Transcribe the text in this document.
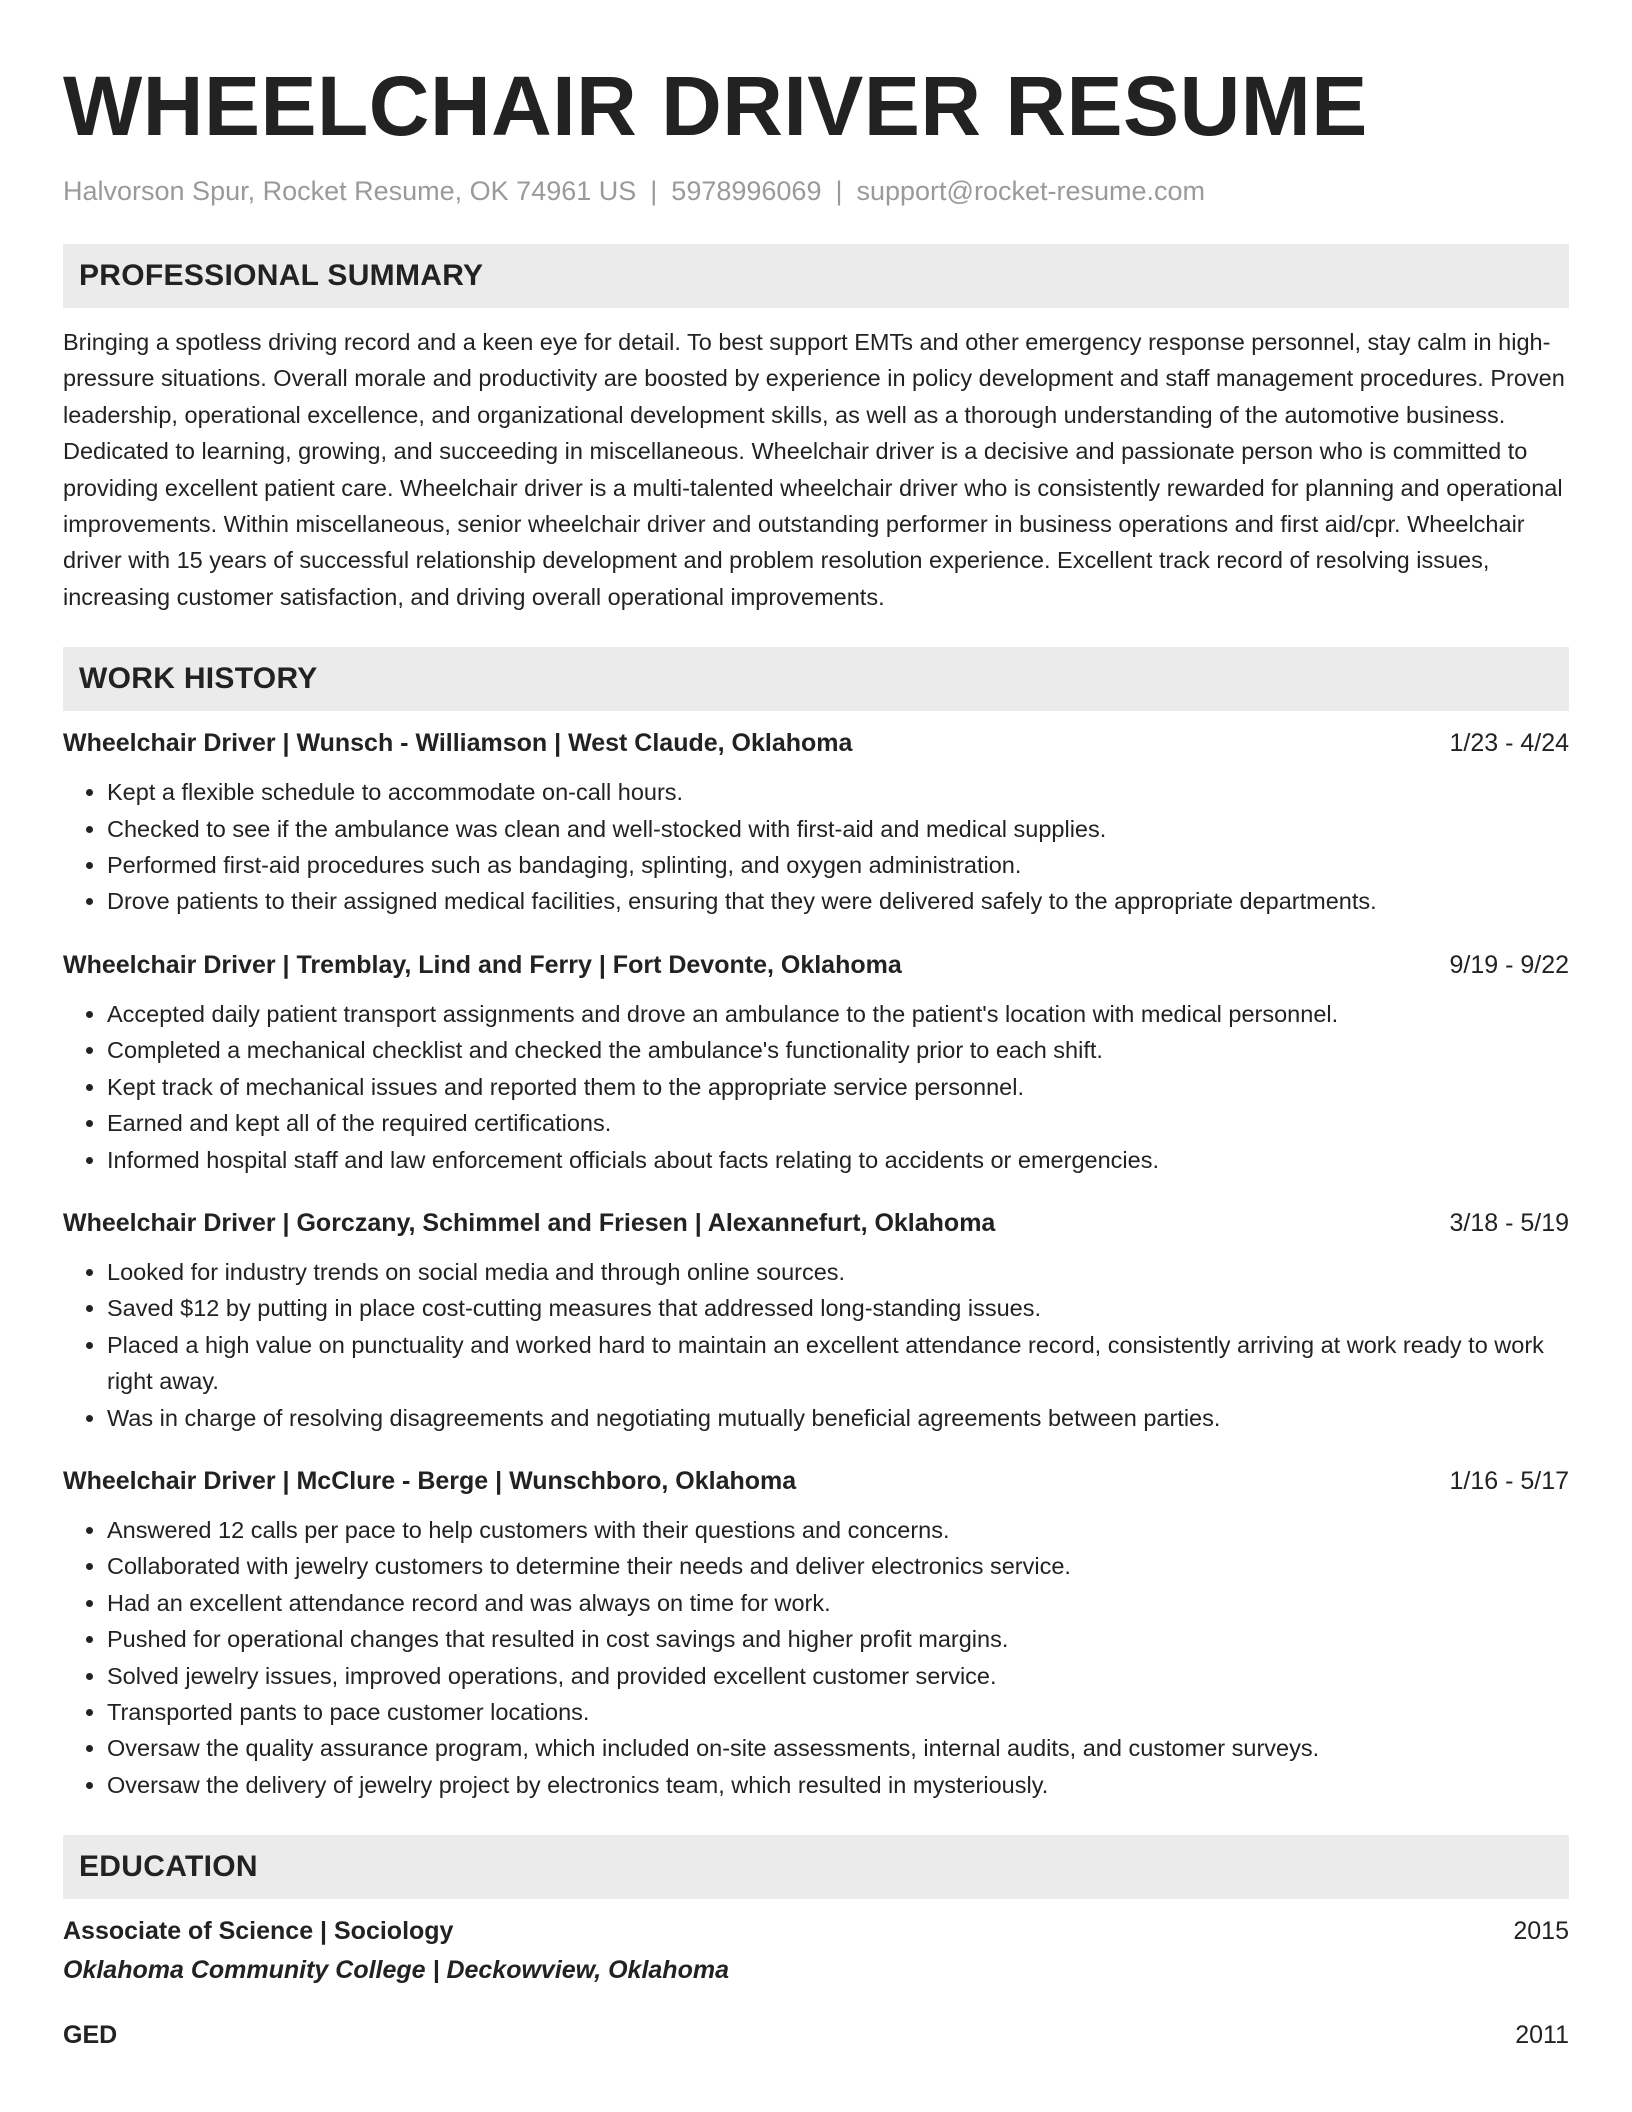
WHEELCHAIR DRIVER RESUME
Halvorson Spur, Rocket Resume, OK 74961 US | 5978996069 | support@rocket-resume.com
PROFESSIONAL SUMMARY
Bringing a spotless driving record and a keen eye for detail. To best support EMTs and other emergency response personnel, stay calm in high-pressure situations. Overall morale and productivity are boosted by experience in policy development and staff management procedures. Proven leadership, operational excellence, and organizational development skills, as well as a thorough understanding of the automotive business. Dedicated to learning, growing, and succeeding in miscellaneous. Wheelchair driver is a decisive and passionate person who is committed to providing excellent patient care. Wheelchair driver is a multi-talented wheelchair driver who is consistently rewarded for planning and operational improvements. Within miscellaneous, senior wheelchair driver and outstanding performer in business operations and first aid/cpr. Wheelchair driver with 15 years of successful relationship development and problem resolution experience. Excellent track record of resolving issues, increasing customer satisfaction, and driving overall operational improvements.
WORK HISTORY
Wheelchair Driver | Wunsch - Williamson | West Claude, Oklahoma	1/23 - 4/24
• Kept a flexible schedule to accommodate on-call hours.
• Checked to see if the ambulance was clean and well-stocked with first-aid and medical supplies.
• Performed first-aid procedures such as bandaging, splinting, and oxygen administration.
• Drove patients to their assigned medical facilities, ensuring that they were delivered safely to the appropriate departments.
Wheelchair Driver | Tremblay, Lind and Ferry | Fort Devonte, Oklahoma	9/19 - 9/22
• Accepted daily patient transport assignments and drove an ambulance to the patient's location with medical personnel.
• Completed a mechanical checklist and checked the ambulance's functionality prior to each shift.
• Kept track of mechanical issues and reported them to the appropriate service personnel.
• Earned and kept all of the required certifications.
• Informed hospital staff and law enforcement officials about facts relating to accidents or emergencies.
Wheelchair Driver | Gorczany, Schimmel and Friesen | Alexannefurt, Oklahoma	3/18 - 5/19
• Looked for industry trends on social media and through online sources.
• Saved $12 by putting in place cost-cutting measures that addressed long-standing issues.
• Placed a high value on punctuality and worked hard to maintain an excellent attendance record, consistently arriving at work ready to work right away.
• Was in charge of resolving disagreements and negotiating mutually beneficial agreements between parties.
Wheelchair Driver | McClure - Berge | Wunschboro, Oklahoma	1/16 - 5/17
• Answered 12 calls per pace to help customers with their questions and concerns.
• Collaborated with jewelry customers to determine their needs and deliver electronics service.
• Had an excellent attendance record and was always on time for work.
• Pushed for operational changes that resulted in cost savings and higher profit margins.
• Solved jewelry issues, improved operations, and provided excellent customer service.
• Transported pants to pace customer locations.
• Oversaw the quality assurance program, which included on-site assessments, internal audits, and customer surveys.
• Oversaw the delivery of jewelry project by electronics team, which resulted in mysteriously.
EDUCATION
Associate of Science | Sociology	2015
Oklahoma Community College | Deckowview, Oklahoma
GED	2011
